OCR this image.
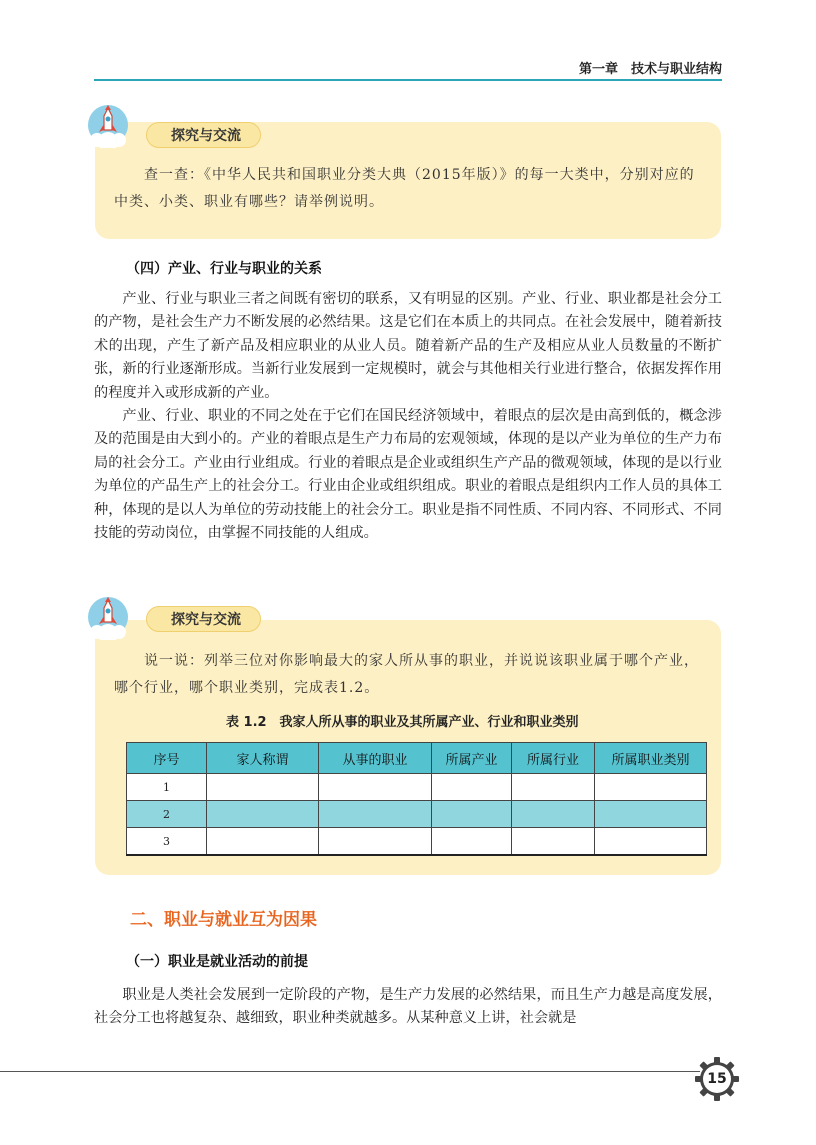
第一章　技术与职业结构
探究与交流
　　查一查：《中华人民共和国职业分类大典（2015年版）》的每一大类中，分别对应的中类、小类、职业有哪些？请举例说明。
（四）产业、行业与职业的关系
产业、行业与职业三者之间既有密切的联系，又有明显的区别。产业、行业、职业都是社会分工的产物，是社会生产力不断发展的必然结果。这是它们在本质上的共同点。在社会发展中，随着新技术的出现，产生了新产品及相应职业的从业人员。随着新产品的生产及相应从业人员数量的不断扩张，新的行业逐渐形成。当新行业发展到一定规模时，就会与其他相关行业进行整合，依据发挥作用的程度并入或形成新的产业。
产业、行业、职业的不同之处在于它们在国民经济领域中，着眼点的层次是由高到低的，概念涉及的范围是由大到小的。产业的着眼点是生产力布局的宏观领域，体现的是以产业为单位的生产力布局的社会分工。产业由行业组成。行业的着眼点是企业或组织生产产品的微观领域，体现的是以行业为单位的产品生产上的社会分工。行业由企业或组织组成。职业的着眼点是组织内工作人员的具体工种，体现的是以人为单位的劳动技能上的社会分工。职业是指不同性质、不同内容、不同形式、不同技能的劳动岗位，由掌握不同技能的人组成。
探究与交流
　　说一说：列举三位对你影响最大的家人所从事的职业，并说说该职业属于哪个产业，哪个行业，哪个职业类别，完成表1.2。
表 1.2　我家人所从事的职业及其所属产业、行业和职业类别
序号	家人称谓	从事的职业	所属产业	所属行业	所属职业类别
1					
2					
3					
二、职业与就业互为因果
（一）职业是就业活动的前提
职业是人类社会发展到一定阶段的产物，是生产力发展的必然结果，而且生产力越是高度发展，社会分工也将越复杂、越细致，职业种类就越多。从某种意义上讲，社会就是
15
